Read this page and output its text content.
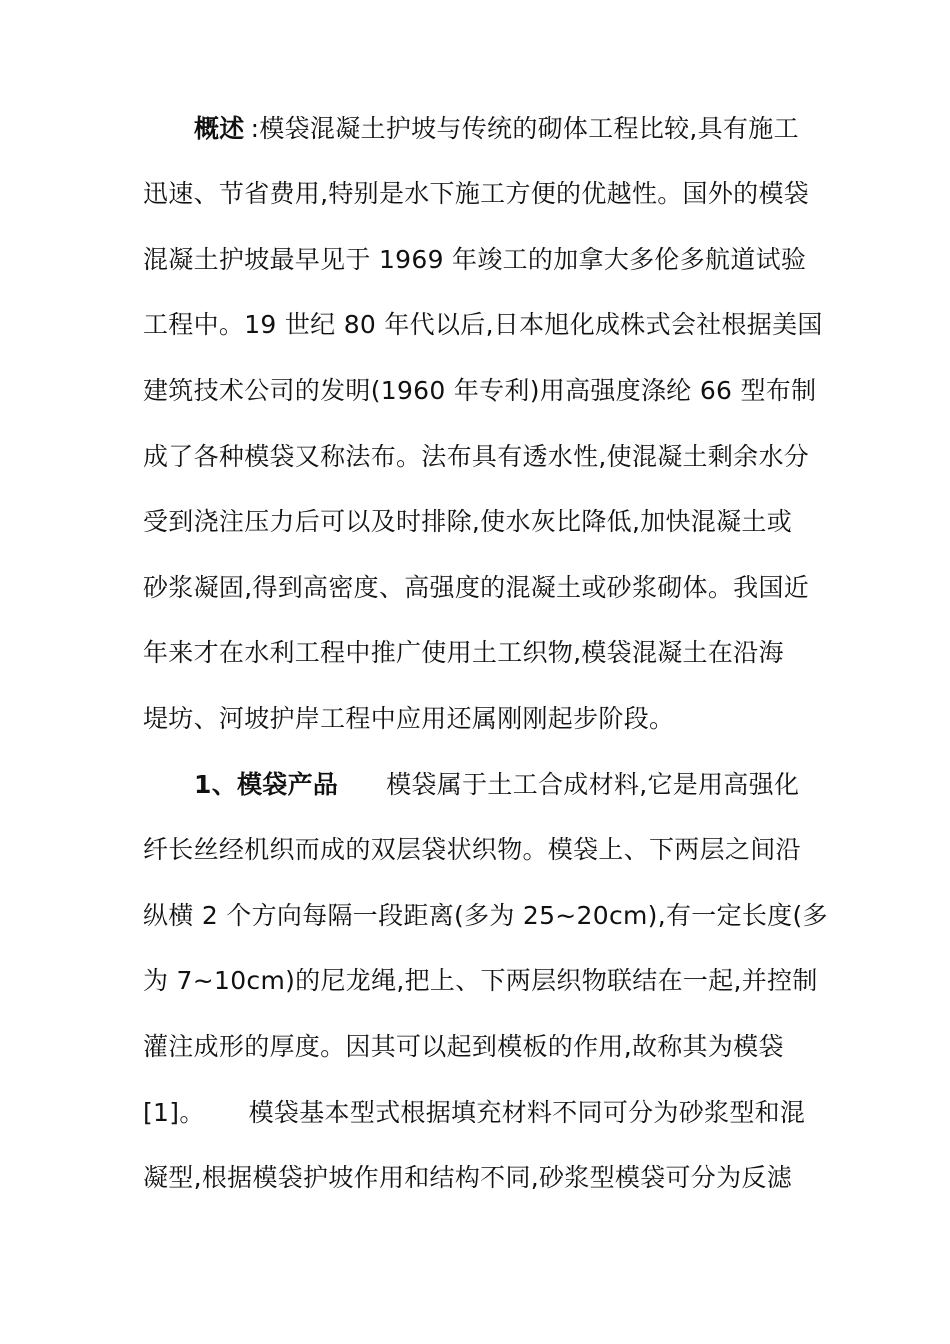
概述 :模袋混凝土护坡与传统的砌体工程比较,具有施工
迅速、节省费用,特别是水下施工方便的优越性。国外的模袋
混凝土护坡最早见于 1969 年竣工的加拿大多伦多航道试验
工程中。19 世纪 80 年代以后,日本旭化成株式会社根据美国
建筑技术公司的发明(1960 年专利)用高强度涤纶 66 型布制
成了各种模袋又称法布。法布具有透水性,使混凝土剩余水分
受到浇注压力后可以及时排除,使水灰比降低,加快混凝土或
砂浆凝固,得到高密度、高强度的混凝土或砂浆砌体。我国近
年来才在水利工程中推广使用土工织物,模袋混凝土在沿海
堤坊、河坡护岸工程中应用还属刚刚起步阶段。
1、模袋产品 模袋属于土工合成材料,它是用高强化
纤长丝经机织而成的双层袋状织物。模袋上、下两层之间沿
纵横 2 个方向每隔一段距离(多为 25~20cm),有一定长度(多
为 7~10cm)的尼龙绳,把上、下两层织物联结在一起,并控制
灌注成形的厚度。因其可以起到模板的作用,故称其为模袋
[1]。 模袋基本型式根据填充材料不同可分为砂浆型和混
凝型,根据模袋护坡作用和结构不同,砂浆型模袋可分为反滤
